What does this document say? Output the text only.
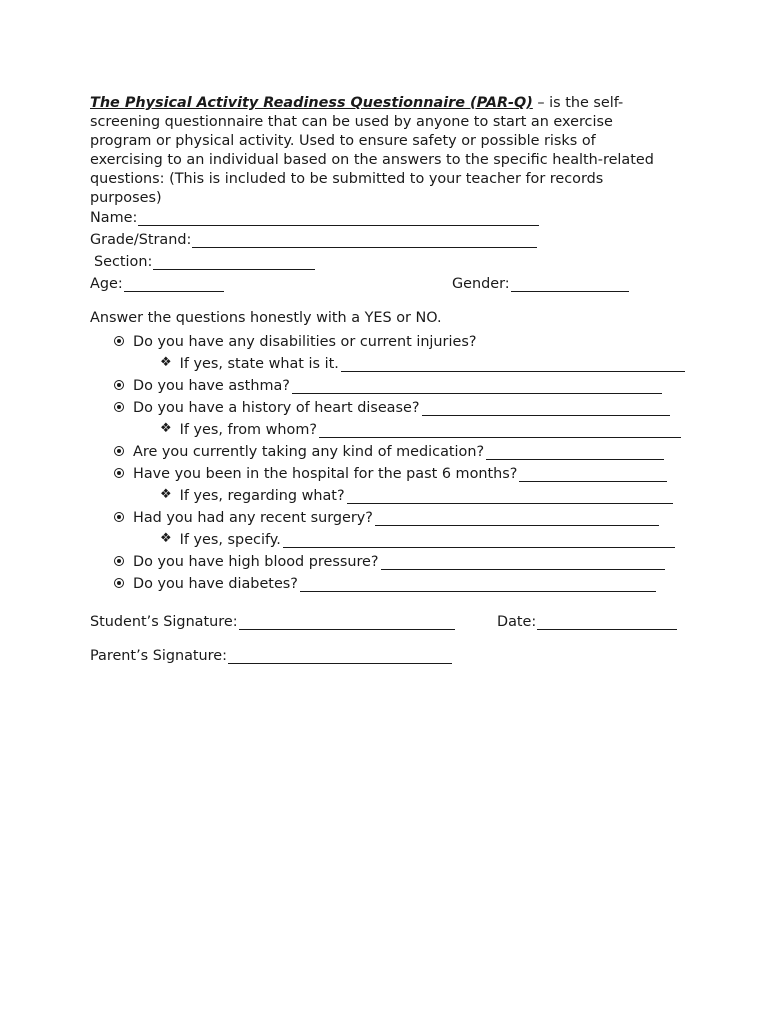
The Physical Activity Readiness Questionnaire (PAR-Q) – is the self-screening questionnaire that can be used by anyone to start an exercise program or physical activity. Used to ensure safety or possible risks of exercising to an individual based on the answers to the specific health-related questions: (This is included to be submitted to your teacher for records purposes)
Name:
Grade/Strand:
Section:
Age:	Gender:
Answer the questions honestly with a YES or NO.
Do you have any disabilities or current injuries?
❖ If yes, state what is it.
Do you have asthma?
Do you have a history of heart disease?
❖ If yes, from whom?
Are you currently taking any kind of medication?
Have you been in the hospital for the past 6 months?
❖ If yes, regarding what?
Had you had any recent surgery?
❖ If yes, specify.
Do you have high blood pressure?
Do you have diabetes?
Student’s Signature:	Date:
Parent’s Signature:
